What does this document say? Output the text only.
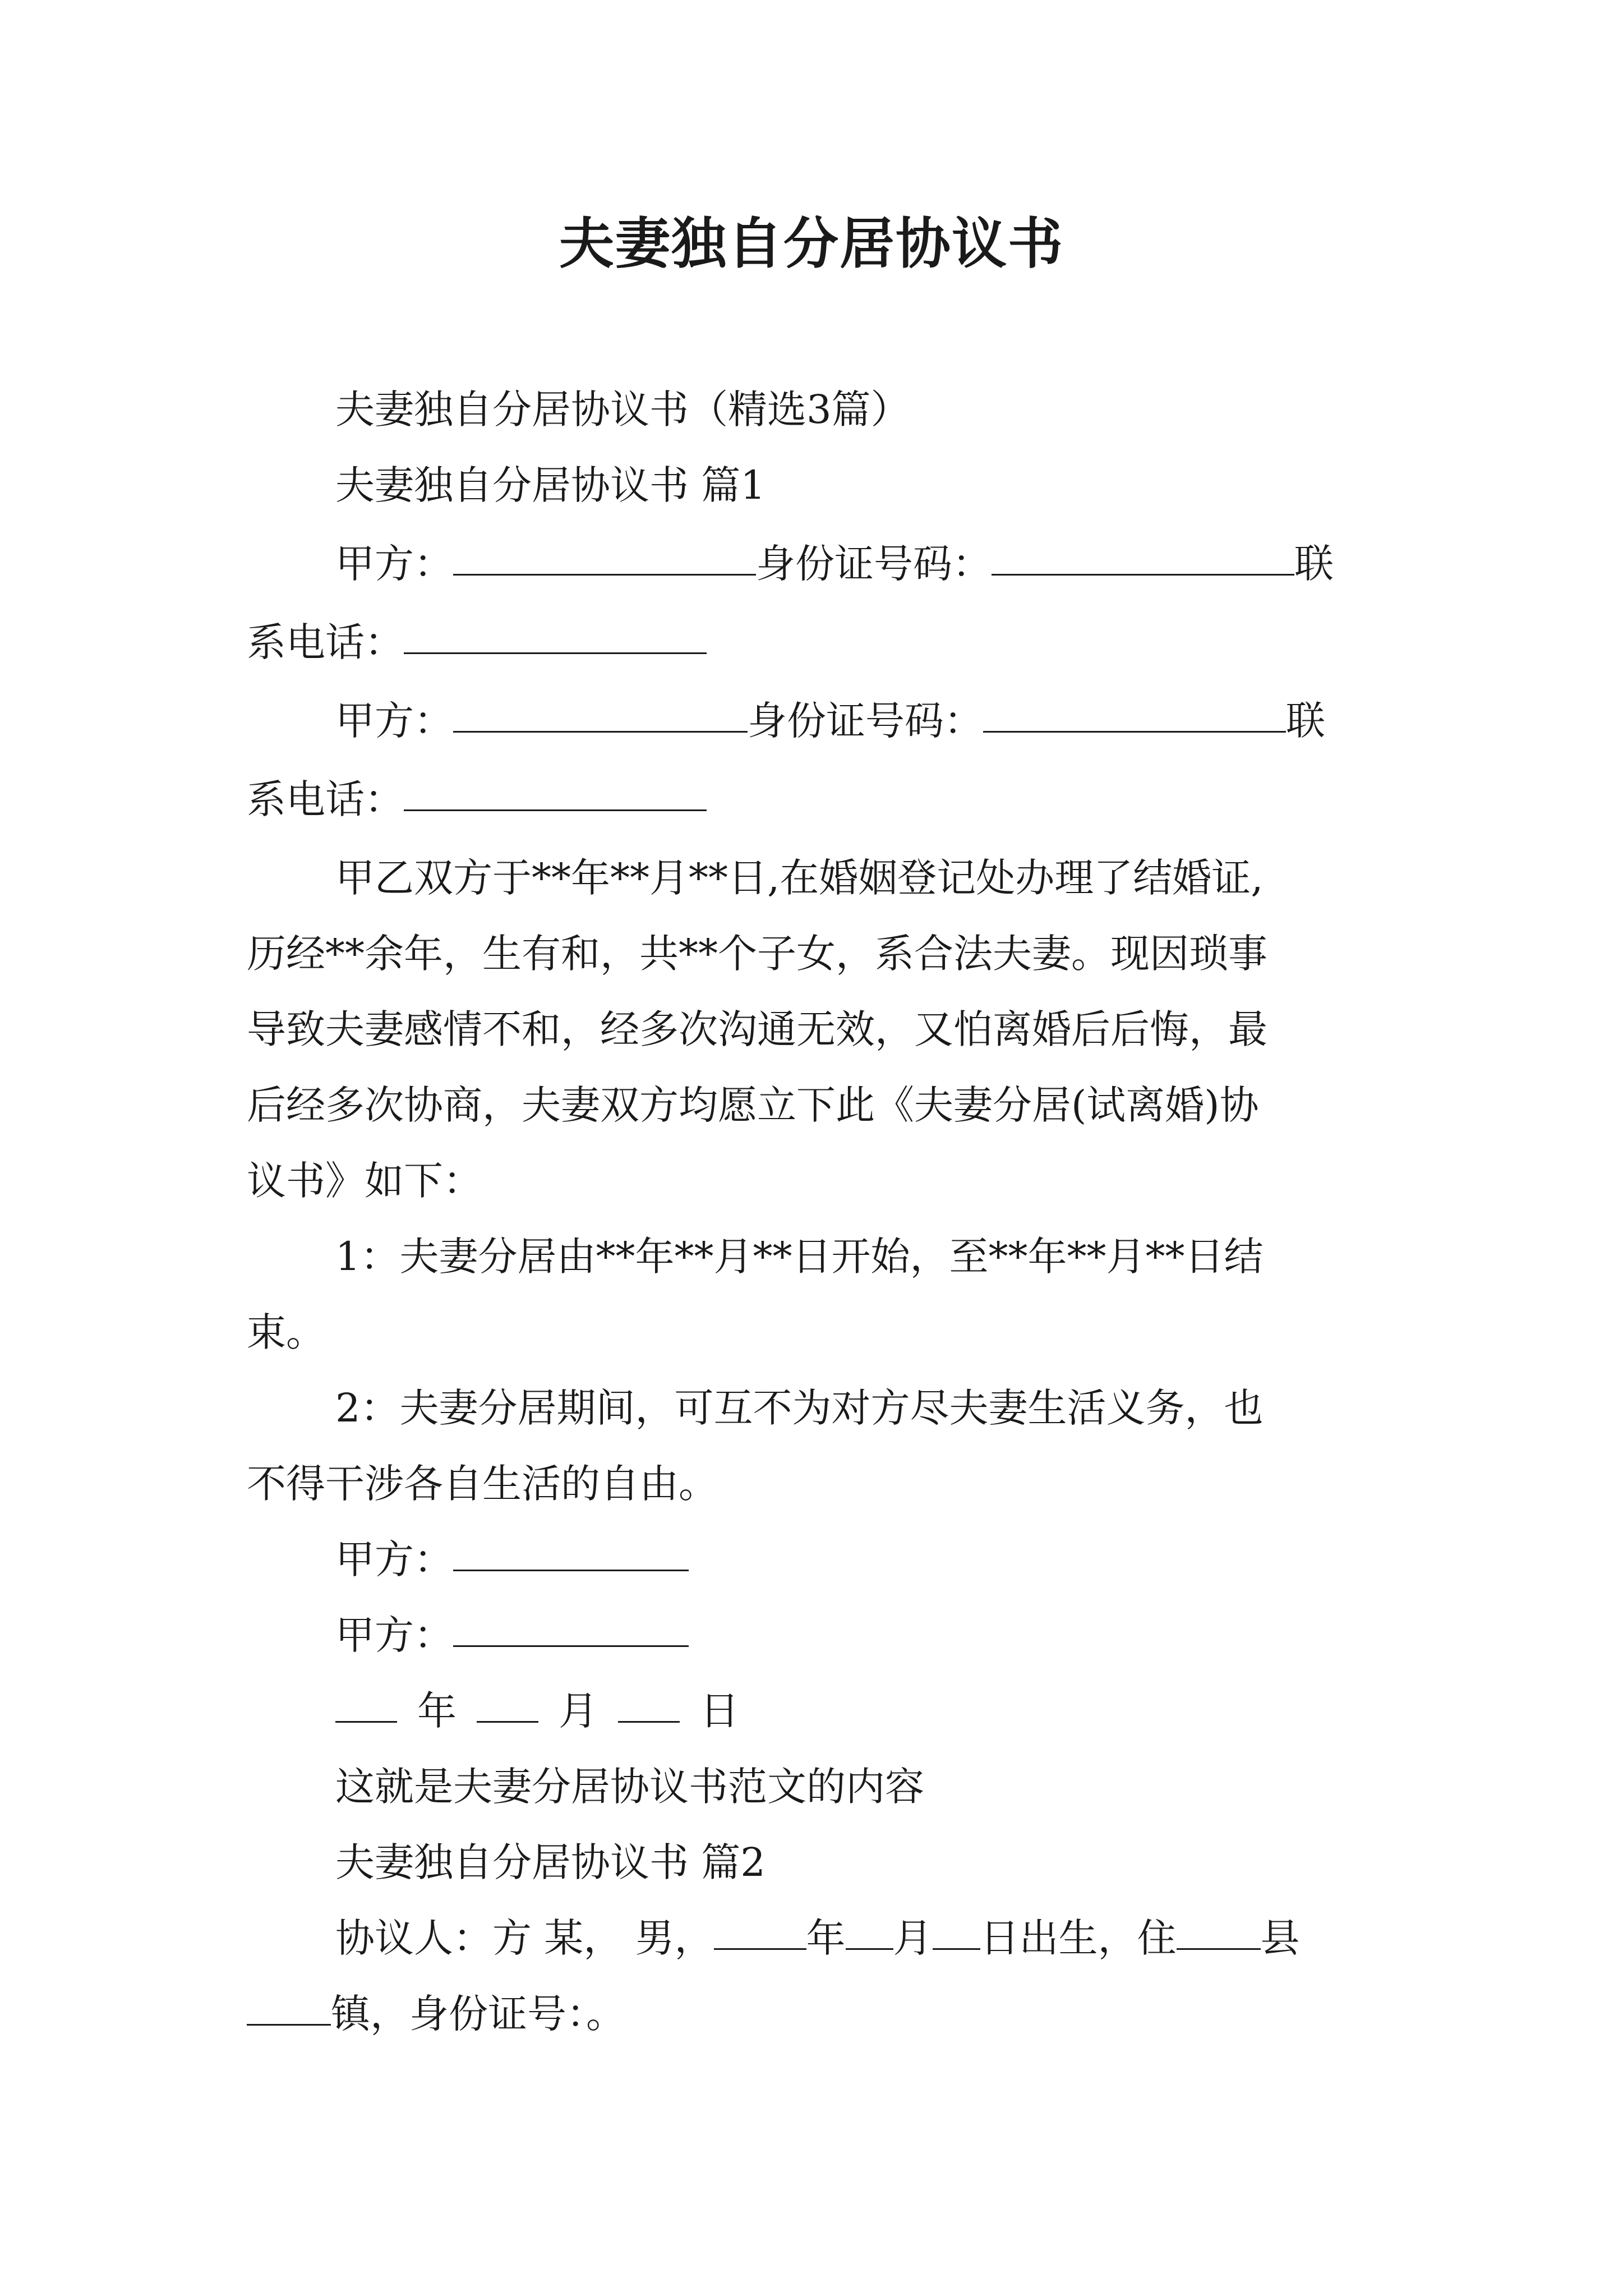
夫妻独自分居协议书
夫妻独自分居协议书（精选3篇）
夫妻独自分居协议书 篇1
甲方：	身份证号码：	联
系电话：
甲方：	身份证号码：	联
系电话：
甲乙双方于**年**月**日,在婚姻登记处办理了结婚证,
历经**余年，生有和，共**个子女，系合法夫妻。现因琐事
导致夫妻感情不和，经多次沟通无效，又怕离婚后后悔，最
后经多次协商，夫妻双方均愿立下此《夫妻分居(试离婚)协
议书》如下：
1：夫妻分居由**年**月**日开始，至**年**月**日结
束。
2：夫妻分居期间，可互不为对方尽夫妻生活义务，也
不得干涉各自生活的自由。
甲方：
甲方：
年	月	日
这就是夫妻分居协议书范文的内容
夫妻独自分居协议书 篇2
协议人：方 某， 男， 年 月 日出生，住 县
镇，身份证号：。
